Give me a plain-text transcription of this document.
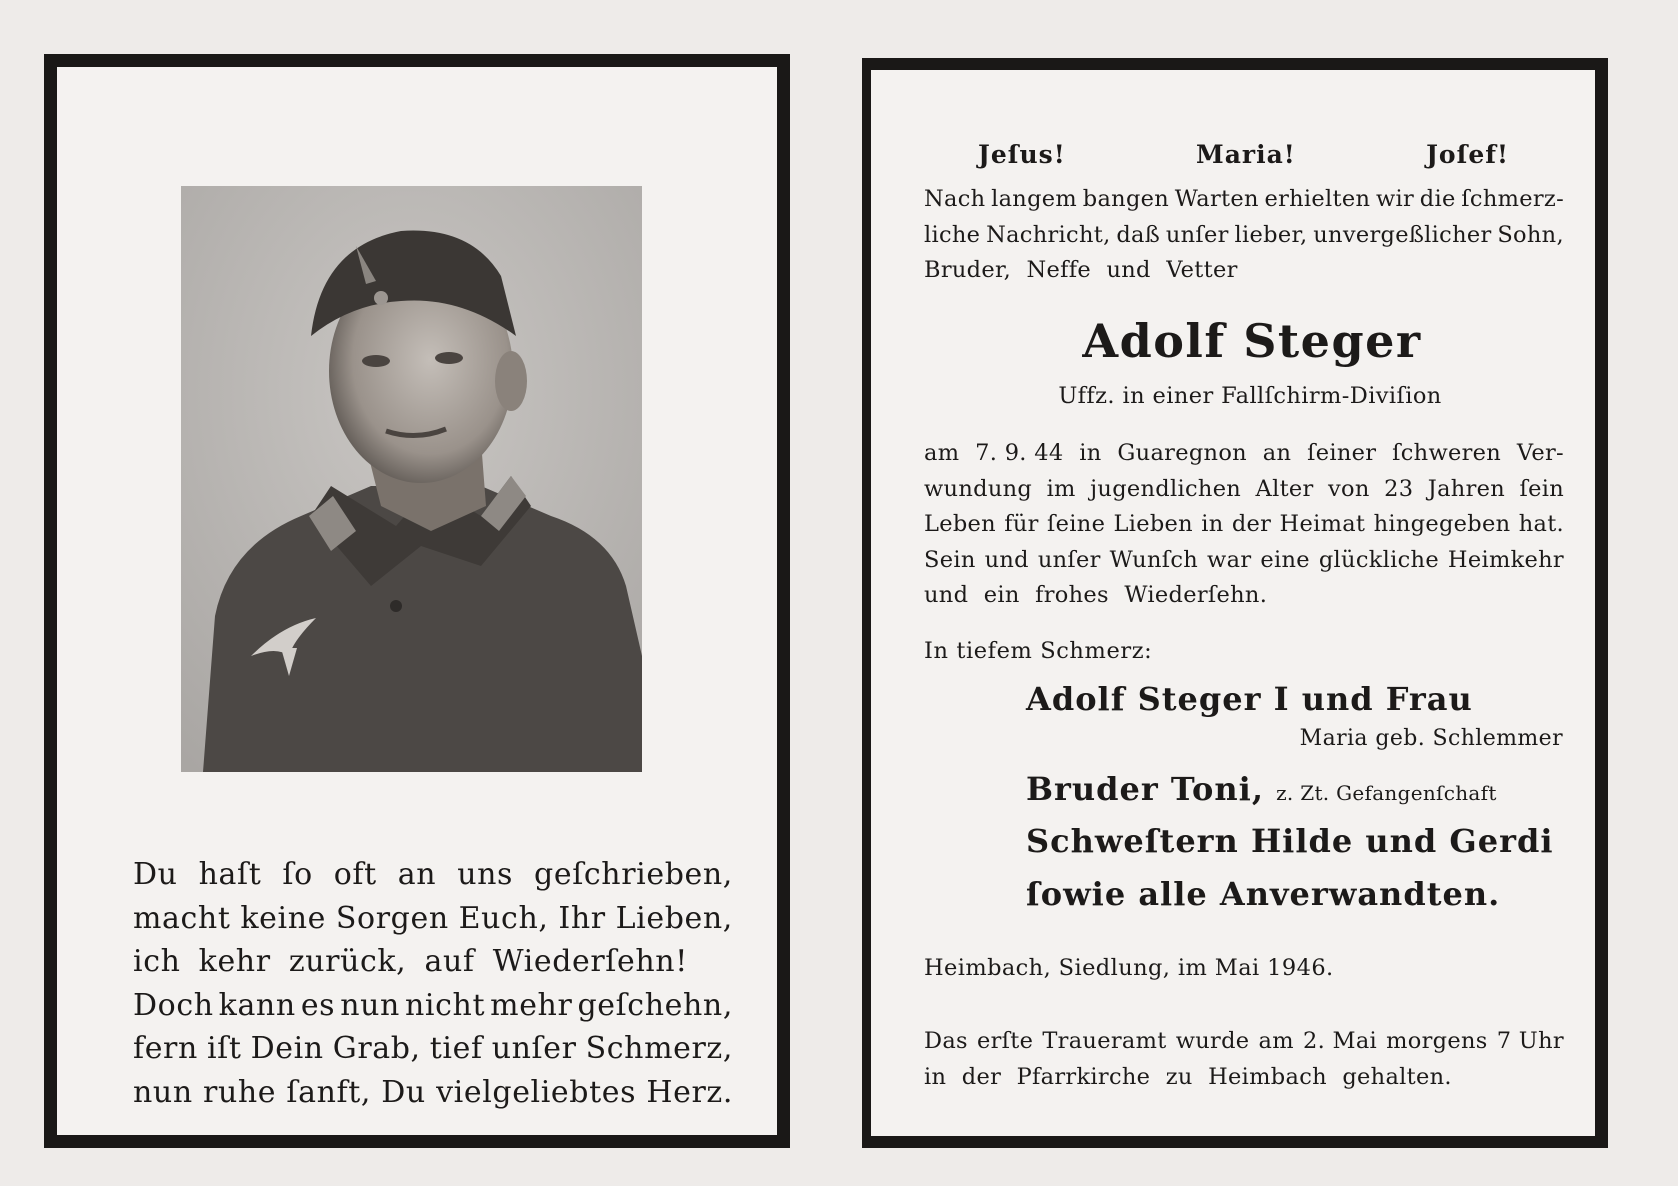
Du haſt ſo oft an uns geſchrieben,
macht keine Sorgen Euch, Ihr Lieben,
ich
kehr
zurück,
auf
Wiederſehn!
Doch kann es nun nicht mehr geſchehn,
fern iſt Dein Grab, tief unſer Schmerz,
nun ruhe ſanft, Du vielgeliebtes Herz.
Jeſus!	Maria!	Joſef!
Nach langem bangen Warten erhielten wir die ſchmerz-
liche Nachricht, daß unſer lieber, unvergeßlicher Sohn,
Bruder,
Neffe
und
Vetter
Adolf Steger
Uffz. in einer Fallſchirm-Diviſion
am 7. 9. 44 in Guaregnon an ſeiner ſchweren Ver-
wundung im jugendlichen Alter von 23 Jahren ſein
Leben für ſeine Lieben in der Heimat hingegeben hat.
Sein und unſer Wunſch war eine glückliche Heimkehr
und
ein
frohes
Wiederſehn.
In tiefem Schmerz:
Adolf Steger I und Frau
Maria geb. Schlemmer
Bruder Toni, z. Zt. Gefangenſchaft
Schweſtern Hilde und Gerdi
ſowie alle Anverwandten.
Heimbach, Siedlung, im Mai 1946.
Das erſte Traueramt wurde am 2. Mai morgens 7 Uhr
in
der
Pfarrkirche
zu
Heimbach
gehalten.
